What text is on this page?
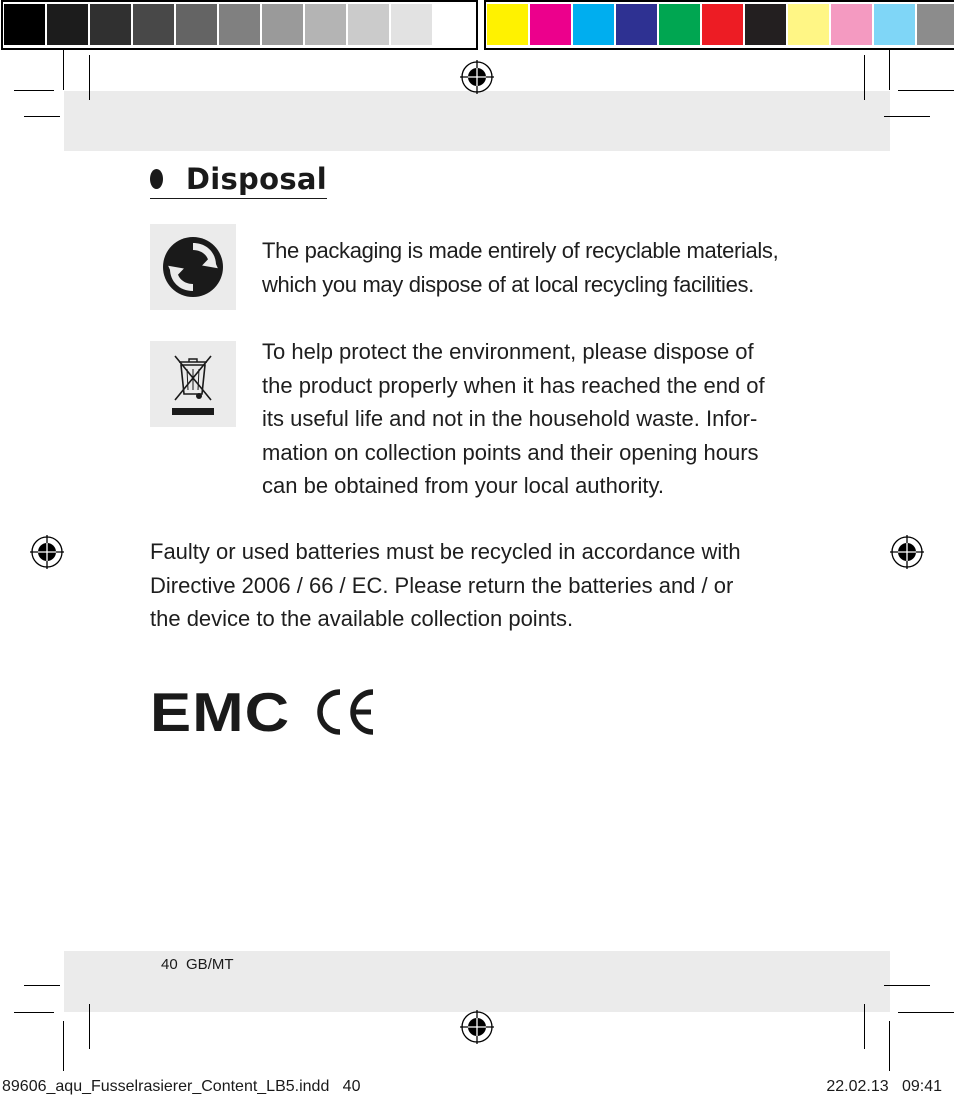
Disposal
The packaging is made entirely of recyclable materials,
which you may dispose of at local recycling facilities.
To help protect the environment, please dispose of
the product properly when it has reached the end of
its useful life and not in the household waste. Infor-
mation on collection points and their opening hours
can be obtained from your local authority.
Faulty or used batteries must be recycled in accordance with
Directive 2006 / 66 / EC. Please return the batteries and / or
the device to the available collection points.
EMC
40  GB/MT
89606_aqu_Fusselrasierer_Content_LB5.indd   40	22.02.13   09:41
